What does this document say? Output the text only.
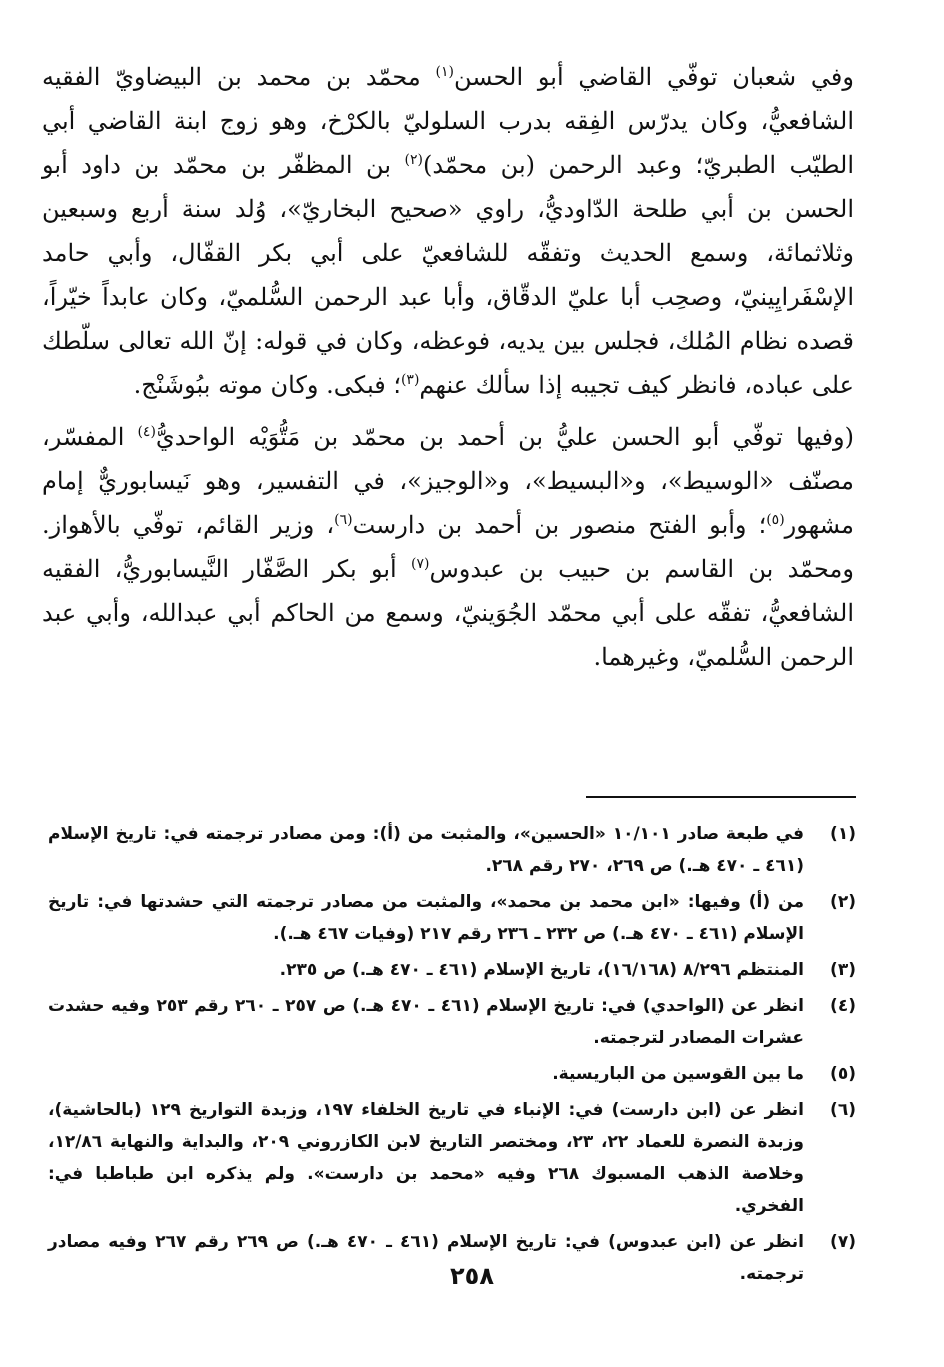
وفي شعبان توفّي القاضي أبو الحسن$^{(١)}$ محمّد بن محمد بن البيضاويّ الفقيه الشافعيُّ، وكان يدرّس الفِقه بدرب السلوليّ بالكرْخ، وهو زوج ابنة القاضي أبي الطيّب الطبريّ؛ وعبد الرحمن (بن محمّد)$^{(٢)}$ بن المظفّر بن محمّد بن داود أبو الحسن بن أبي طلحة الدّاوديُّ، راوي «صحيح البخاريّ»، وُلد سنة أربع وسبعين وثلاثمائة، وسمع الحديث وتفقّه للشافعيّ على أبي بكر القفّال، وأبي حامد الإسْفَرايِينيّ، وصحِب أبا عليّ الدقّاق، وأبا عبد الرحمن السُّلميّ، وكان عابداً خيّراً، قصده نظام المُلك، فجلس بين يديه، فوعظه، وكان في قوله: إنّ الله تعالى سلّطك على عباده، فانظر كيف تجيبه إذا سألك عنهم$^{(٣)}$؛ فبكى. وكان موته ببُوشَنْج.

(وفيها توفّي أبو الحسن عليُّ بن أحمد بن محمّد بن مَتُّوَيْه الواحديُّ$^{(٤)}$ المفسّر، مصنّف «الوسيط»، و«البسيط»، و«الوجيز»، في التفسير، وهو نَيسابوريٌّ إمام مشهور$^{(٥)}$؛ وأبو الفتح منصور بن أحمد بن دارست$^{(٦)}$، وزير القائم، توفّي بالأهواز. ومحمّد بن القاسم بن حبيب بن عبدوس$^{(٧)}$ أبو بكر الصَّفّار النَّيسابوريُّ، الفقيه الشافعيُّ، تفقّه على أبي محمّد الجُوَينيّ، وسمع من الحاكم أبي عبدالله، وأبي عبد الرحمن السُّلميّ، وغيرهما.

(١)
في طبعة صادر ١٠/١٠١ «الحسين»، والمثبت من (أ): ومن مصادر ترجمته في: تاريخ الإسلام (٤٦١ ـ ٤٧٠ هـ.) ص ٢٦٩، ٢٧٠ رقم ٢٦٨.
(٢)
من (أ) وفيها: «ابن محمد بن محمد»، والمثبت من مصادر ترجمته التي حشدتها في: تاريخ الإسلام (٤٦١ ـ ٤٧٠ هـ.) ص ٢٣٢ ـ ٢٣٦ رقم ٢١٧ (وفيات ٤٦٧ هـ.).
(٣)
المنتظم ٨/٢٩٦ (١٦/١٦٨)، تاريخ الإسلام (٤٦١ ـ ٤٧٠ هـ.) ص ٢٣٥.
(٤)
انظر عن (الواحدي) في: تاريخ الإسلام (٤٦١ ـ ٤٧٠ هـ.) ص ٢٥٧ ـ ٢٦٠ رقم ٢٥٣ وفيه حشدت عشرات المصادر لترجمته.
(٥)
ما بين القوسين من الباريسية.
(٦)
انظر عن (ابن دارست) في: الإنباء في تاريخ الخلفاء ١٩٧، وزبدة التواريخ ١٢٩ (بالحاشية)، وزبدة النصرة للعماد ٢٢، ٢٣، ومختصر التاريخ لابن الكازروني ٢٠٩، والبداية والنهاية ١٢/٨٦، وخلاصة الذهب المسبوك ٢٦٨ وفيه «محمد بن دارست». ولم يذكره ابن طباطبا في: الفخري.
(٧)
انظر عن (ابن عبدوس) في: تاريخ الإسلام (٤٦١ ـ ٤٧٠ هـ.) ص ٢٦٩ رقم ٢٦٧ وفيه مصادر ترجمته.
٢٥٨
